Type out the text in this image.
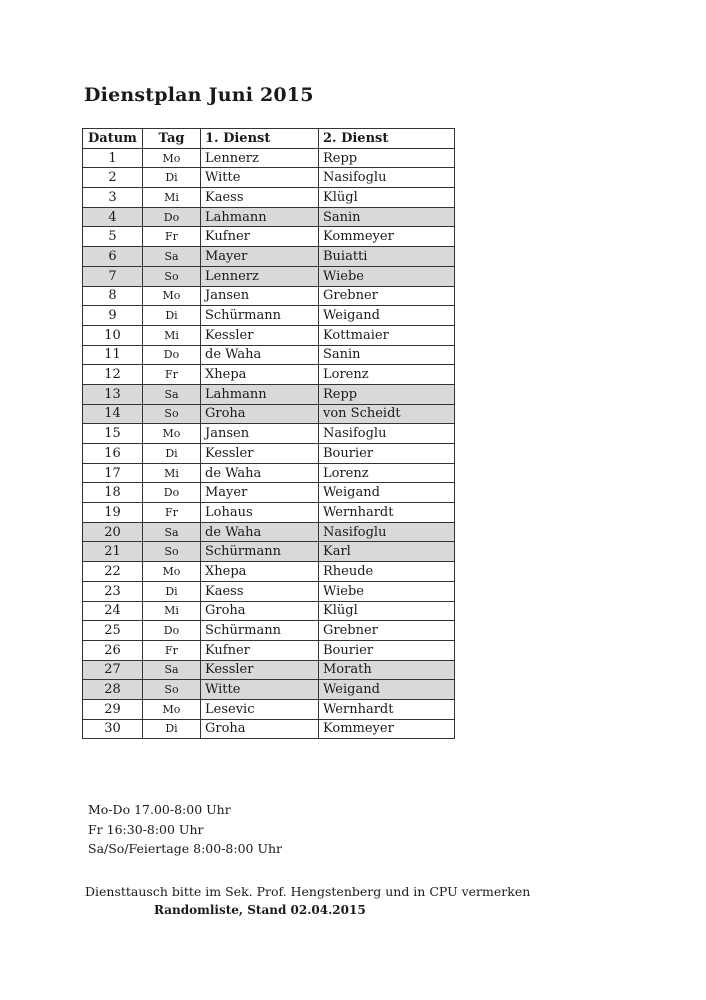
Dienstplan Juni 2015
Datum	Tag	1. Dienst	2. Dienst
1	Mo	Lennerz	Repp
2	Di	Witte	Nasifoglu
3	Mi	Kaess	Klügl
4	Do	Lahmann	Sanin
5	Fr	Kufner	Kommeyer
6	Sa	Mayer	Buiatti
7	So	Lennerz	Wiebe
8	Mo	Jansen	Grebner
9	Di	Schürmann	Weigand
10	Mi	Kessler	Kottmaier
11	Do	de Waha	Sanin
12	Fr	Xhepa	Lorenz
13	Sa	Lahmann	Repp
14	So	Groha	von Scheidt
15	Mo	Jansen	Nasifoglu
16	Di	Kessler	Bourier
17	Mi	de Waha	Lorenz
18	Do	Mayer	Weigand
19	Fr	Lohaus	Wernhardt
20	Sa	de Waha	Nasifoglu
21	So	Schürmann	Karl
22	Mo	Xhepa	Rheude
23	Di	Kaess	Wiebe
24	Mi	Groha	Klügl
25	Do	Schürmann	Grebner
26	Fr	Kufner	Bourier
27	Sa	Kessler	Morath
28	So	Witte	Weigand
29	Mo	Lesevic	Wernhardt
30	Di	Groha	Kommeyer
Mo-Do 17.00-8:00 Uhr
Fr 16:30-8:00 Uhr
Sa/So/Feiertage 8:00-8:00 Uhr
Diensttausch bitte im Sek. Prof. Hengstenberg und in CPU vermerken
Randomliste, Stand 02.04.2015
